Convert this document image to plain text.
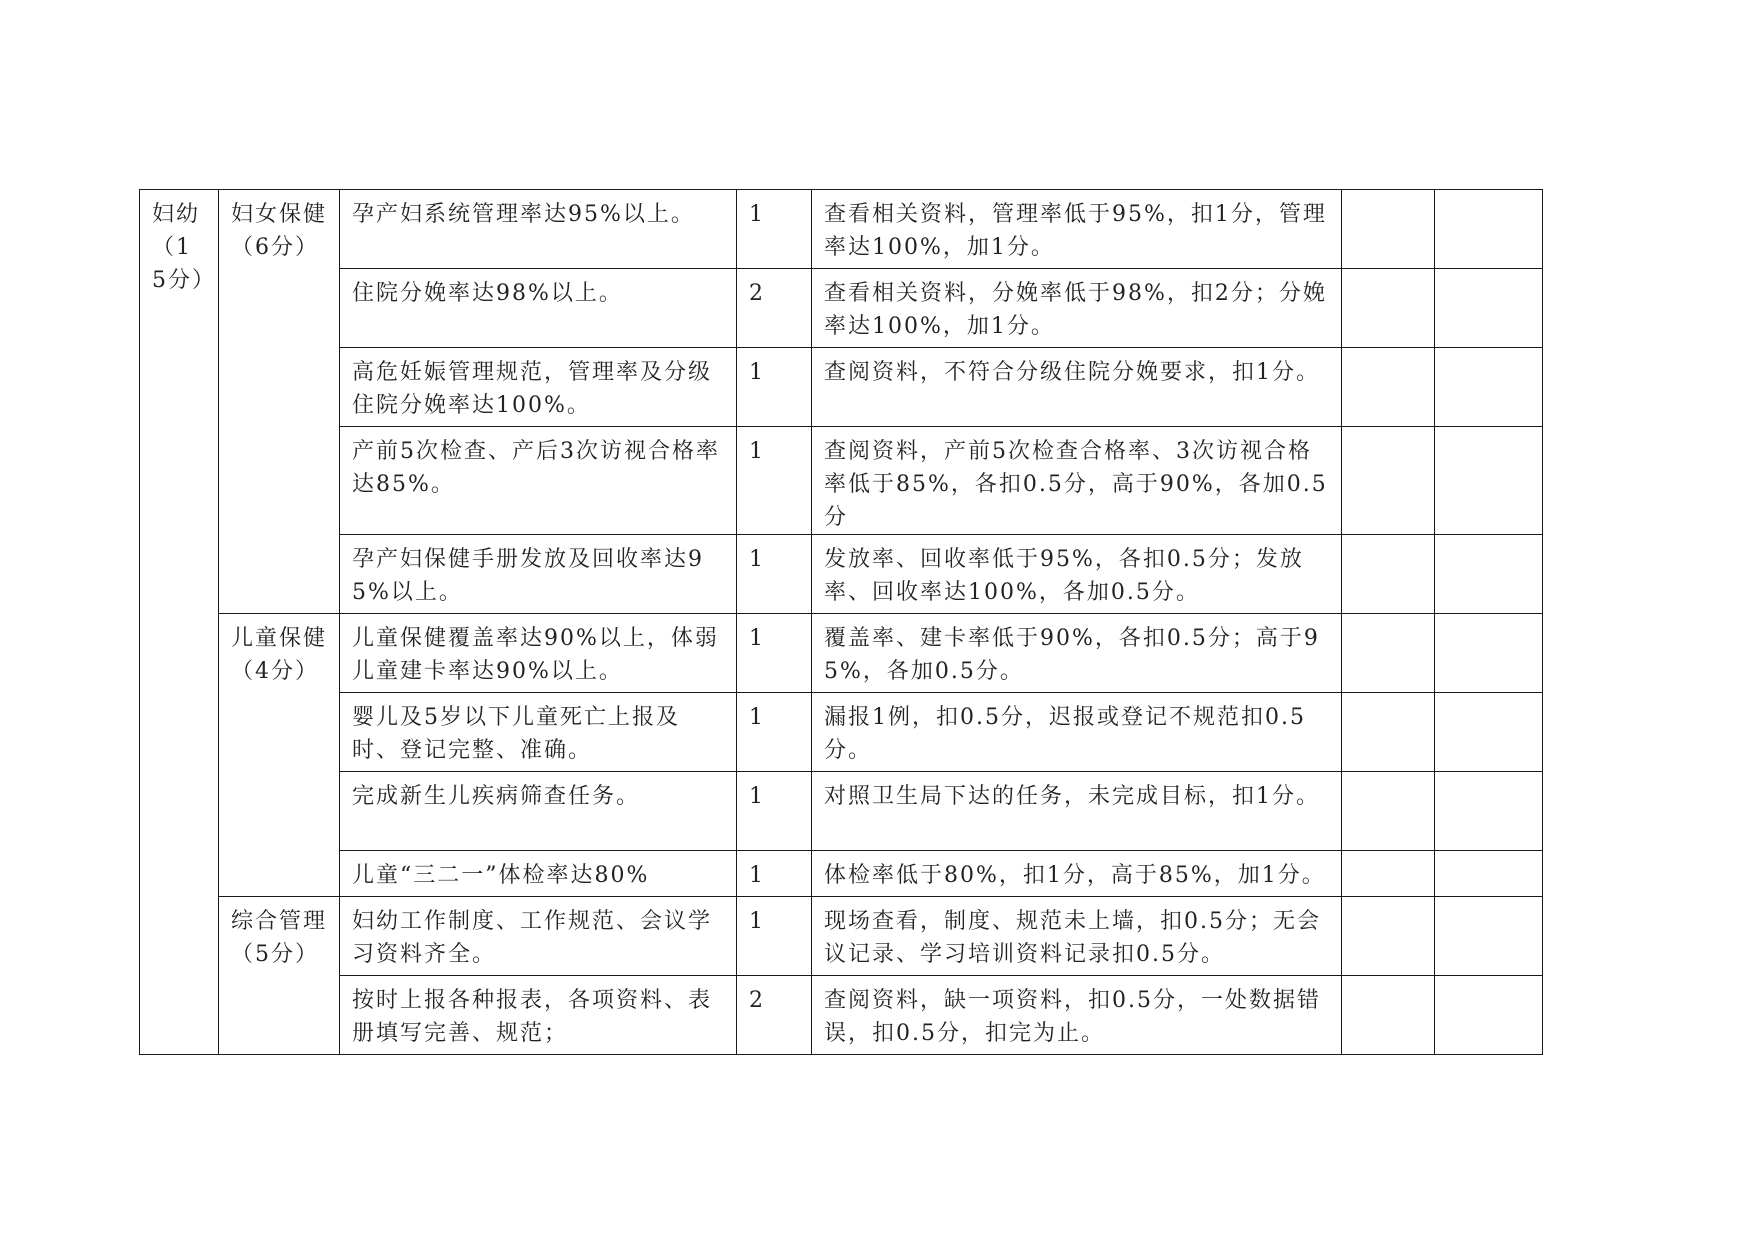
妇幼（15分）	妇女保健（6分）	孕产妇系统管理率达95%以上。	1	查看相关资料，管理率低于95%，扣1分，管理率达100%，加1分。		
		住院分娩率达98%以上。	2	查看相关资料，分娩率低于98%，扣2分；分娩率达100%，加1分。		
		高危妊娠管理规范，管理率及分级住院分娩率达100%。	1	查阅资料，不符合分级住院分娩要求，扣1分。		
		产前5次检查、产后3次访视合格率达85%。	1	查阅资料，产前5次检查合格率、3次访视合格率低于85%，各扣0.5分，高于90%，各加0.5分		
		孕产妇保健手册发放及回收率达95%以上。	1	发放率、回收率低于95%，各扣0.5分；发放率、回收率达100%，各加0.5分。		
	儿童保健（4分）	儿童保健覆盖率达90%以上，体弱儿童建卡率达90%以上。	1	覆盖率、建卡率低于90%，各扣0.5分；高于95%，各加0.5分。		
		婴儿及5岁以下儿童死亡上报及时、登记完整、准确。	1	漏报1例，扣0.5分，迟报或登记不规范扣0.5分。		
		完成新生儿疾病筛查任务。	1	对照卫生局下达的任务，未完成目标，扣1分。		
		儿童“三二一”体检率达80%	1	体检率低于80%，扣1分，高于85%，加1分。		
	综合管理（5分）	妇幼工作制度、工作规范、会议学习资料齐全。	1	现场查看，制度、规范未上墙，扣0.5分；无会议记录、学习培训资料记录扣0.5分。		
		按时上报各种报表，各项资料、表册填写完善、规范；	2	查阅资料，缺一项资料，扣0.5分，一处数据错误，扣0.5分，扣完为止。		
